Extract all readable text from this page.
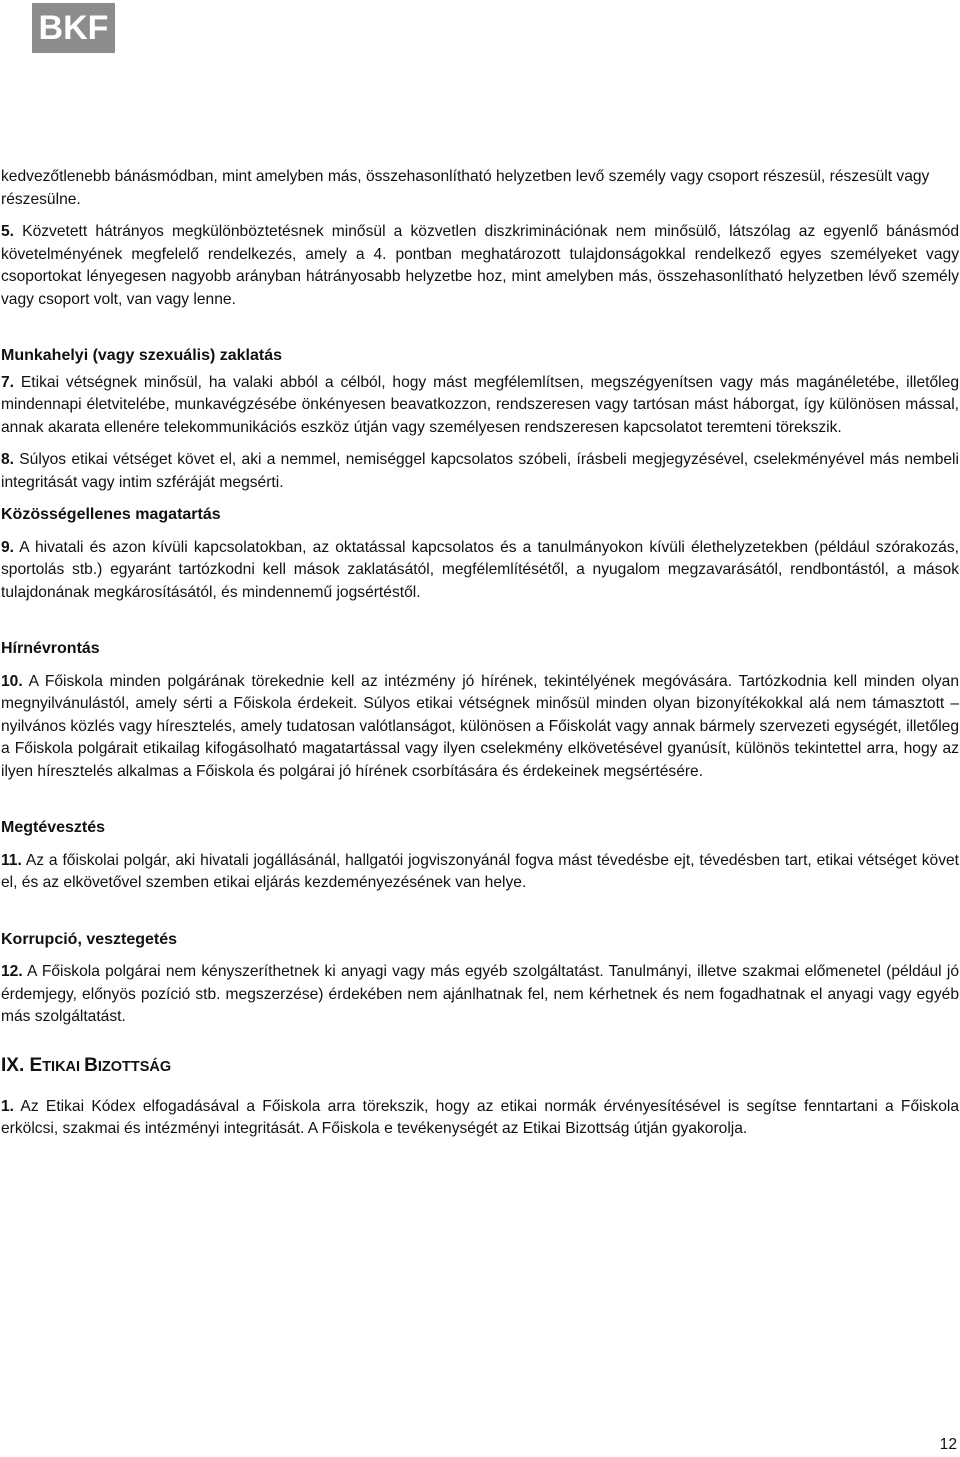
BKF

kedvezőtlenebb bánásmódban, mint amelyben más, összehasonlítható helyzetben levő személy vagy csoport részesül, részesült vagy részesülne.

5. Közvetett hátrányos megkülönböztetésnek minősül a közvetlen diszkriminációnak nem minősülő, látszólag az egyenlő bánásmód követelményének megfelelő rendelkezés, amely a 4. pontban meghatározott tulajdonságokkal rendelkező egyes személyeket vagy csoportokat lényegesen nagyobb arányban hátrányosabb helyzetbe hoz, mint amelyben más, összehasonlítható helyzetben lévő személy vagy csoport volt, van vagy lenne.

Munkahelyi (vagy szexuális) zaklatás

7. Etikai vétségnek minősül, ha valaki abból a célból, hogy mást megfélemlítsen, megszégyenítsen vagy más magánéletébe, illetőleg mindennapi életvitelébe, munkavégzésébe önkényesen beavatkozzon, rendszeresen vagy tartósan mást háborgat, így különösen mással, annak akarata ellenére telekommunikációs eszköz útján vagy személyesen rendszeresen kapcsolatot teremteni törekszik.

8. Súlyos etikai vétséget követ el, aki a nemmel, nemiséggel kapcsolatos szóbeli, írásbeli megjegyzésével, cselekményével más nembeli integritását vagy intim szféráját megsérti.

Közösségellenes magatartás

9. A hivatali és azon kívüli kapcsolatokban, az oktatással kapcsolatos és a tanulmányokon kívüli élethelyzetekben (például szórakozás, sportolás stb.) egyaránt tartózkodni kell mások zaklatásától, megfélemlítésétől, a nyugalom megzavarásától, rendbontástól, a mások tulajdonának megkárosításától, és mindennemű jogsértéstől.

Hírnévrontás

10. A Főiskola minden polgárának törekednie kell az intézmény jó hírének, tekintélyének megóvására. Tartózkodnia kell minden olyan megnyilvánulástól, amely sérti a Főiskola érdekeit. Súlyos etikai vétségnek minősül minden olyan bizonyítékokkal alá nem támasztott – nyilvános közlés vagy híresztelés, amely tudatosan valótlanságot, különösen a Főiskolát vagy annak bármely szervezeti egységét, illetőleg a Főiskola polgárait etikailag kifogásolható magatartással vagy ilyen cselekmény elkövetésével gyanúsít, különös tekintettel arra, hogy az ilyen híresztelés alkalmas a Főiskola és polgárai jó hírének csorbítására és érdekeinek megsértésére.

Megtévesztés

11. Az a főiskolai polgár, aki hivatali jogállásánál, hallgatói jogviszonyánál fogva mást tévedésbe ejt, tévedésben tart, etikai vétséget követ el, és az elkövetővel szemben etikai eljárás kezdeményezésének van helye.

Korrupció, vesztegetés

12. A Főiskola polgárai nem kényszeríthetnek ki anyagi vagy más egyéb szolgáltatást. Tanulmányi, illetve szakmai előmenetel (például jó érdemjegy, előnyös pozíció stb. megszerzése) érdekében nem ajánlhatnak fel, nem kérhetnek és nem fogadhatnak el anyagi vagy egyéb más szolgáltatást.

IX. ETIKAI BIZOTTSÁG

1. Az Etikai Kódex elfogadásával a Főiskola arra törekszik, hogy az etikai normák érvényesítésével is segítse fenntartani a Főiskola erkölcsi, szakmai és intézményi integritását. A Főiskola e tevékenységét az Etikai Bizottság útján gyakorolja.

12
